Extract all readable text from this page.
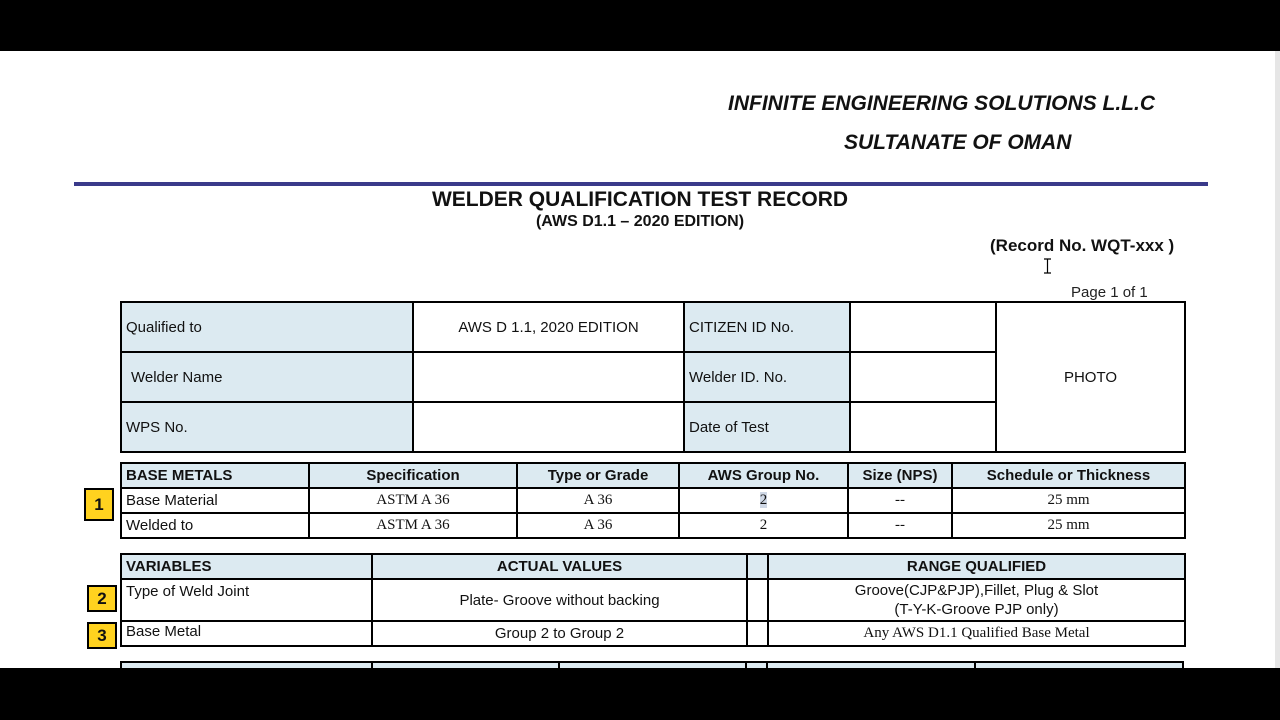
INFINITE ENGINEERING SOLUTIONS L.L.C
SULTANATE OF OMAN
WELDER QUALIFICATION TEST RECORD
(AWS D1.1 – 2020 EDITION)
(Record No. WQT-xxx )
Page 1 of 1
Qualified to	AWS D 1.1, 2020 EDITION	CITIZEN ID No.		PHOTO
Welder Name		Welder ID. No.		
WPS No.		Date of Test		
1
BASE METALS	Specification	Type or Grade	AWS Group No.	Size (NPS)	Schedule or Thickness
Base Material	ASTM A 36	A 36	2	--	25 mm
Welded to	ASTM A 36	A 36	2	--	25 mm
2
3
VARIABLES	ACTUAL VALUES		RANGE QUALIFIED
Type of Weld Joint	Plate- Groove without backing		Groove(CJP&PJP),Fillet, Plug & Slot
(T-Y-K-Groove PJP only)

Base Metal	Group 2 to Group 2		Any AWS D1.1 Qualified Base Metal
